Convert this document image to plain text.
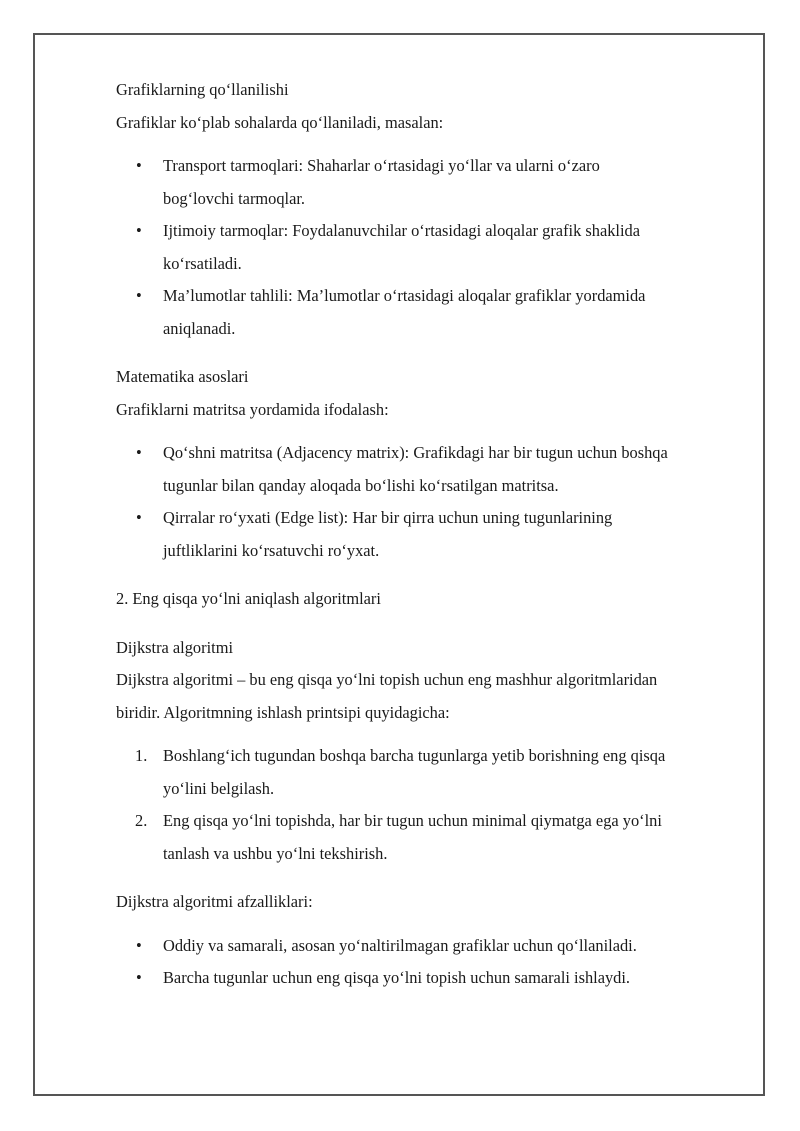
Grafiklarning qo‘llanilishi

Grafiklar ko‘plab sohalarda qo‘llaniladi, masalan:

• Transport tarmoqlari: Shaharlar o‘rtasidagi yo‘llar va ularni o‘zaro
bog‘lovchi tarmoqlar.
• Ijtimoiy tarmoqlar: Foydalanuvchilar o‘rtasidagi aloqalar grafik shaklida
ko‘rsatiladi.
• Ma’lumotlar tahlili: Ma’lumotlar o‘rtasidagi aloqalar grafiklar yordamida
aniqlanadi.

Matematika asoslari

Grafiklarni matritsa yordamida ifodalash:

• Qo‘shni matritsa (Adjacency matrix): Grafikdagi har bir tugun uchun boshqa
tugunlar bilan qanday aloqada bo‘lishi ko‘rsatilgan matritsa.
• Qirralar ro‘yxati (Edge list): Har bir qirra uchun uning tugunlarining
juftliklarini ko‘rsatuvchi ro‘yxat.

2. Eng qisqa yo‘lni aniqlash algoritmlari

Dijkstra algoritmi

Dijkstra algoritmi – bu eng qisqa yo‘lni topish uchun eng mashhur algoritmlaridan

biridir. Algoritmning ishlash printsipi quyidagicha:

1. Boshlang‘ich tugundan boshqa barcha tugunlarga yetib borishning eng qisqa
yo‘lini belgilash.
2. Eng qisqa yo‘lni topishda, har bir tugun uchun minimal qiymatga ega yo‘lni
tanlash va ushbu yo‘lni tekshirish.

Dijkstra algoritmi afzalliklari:

• Oddiy va samarali, asosan yo‘naltirilmagan grafiklar uchun qo‘llaniladi.
• Barcha tugunlar uchun eng qisqa yo‘lni topish uchun samarali ishlaydi.
